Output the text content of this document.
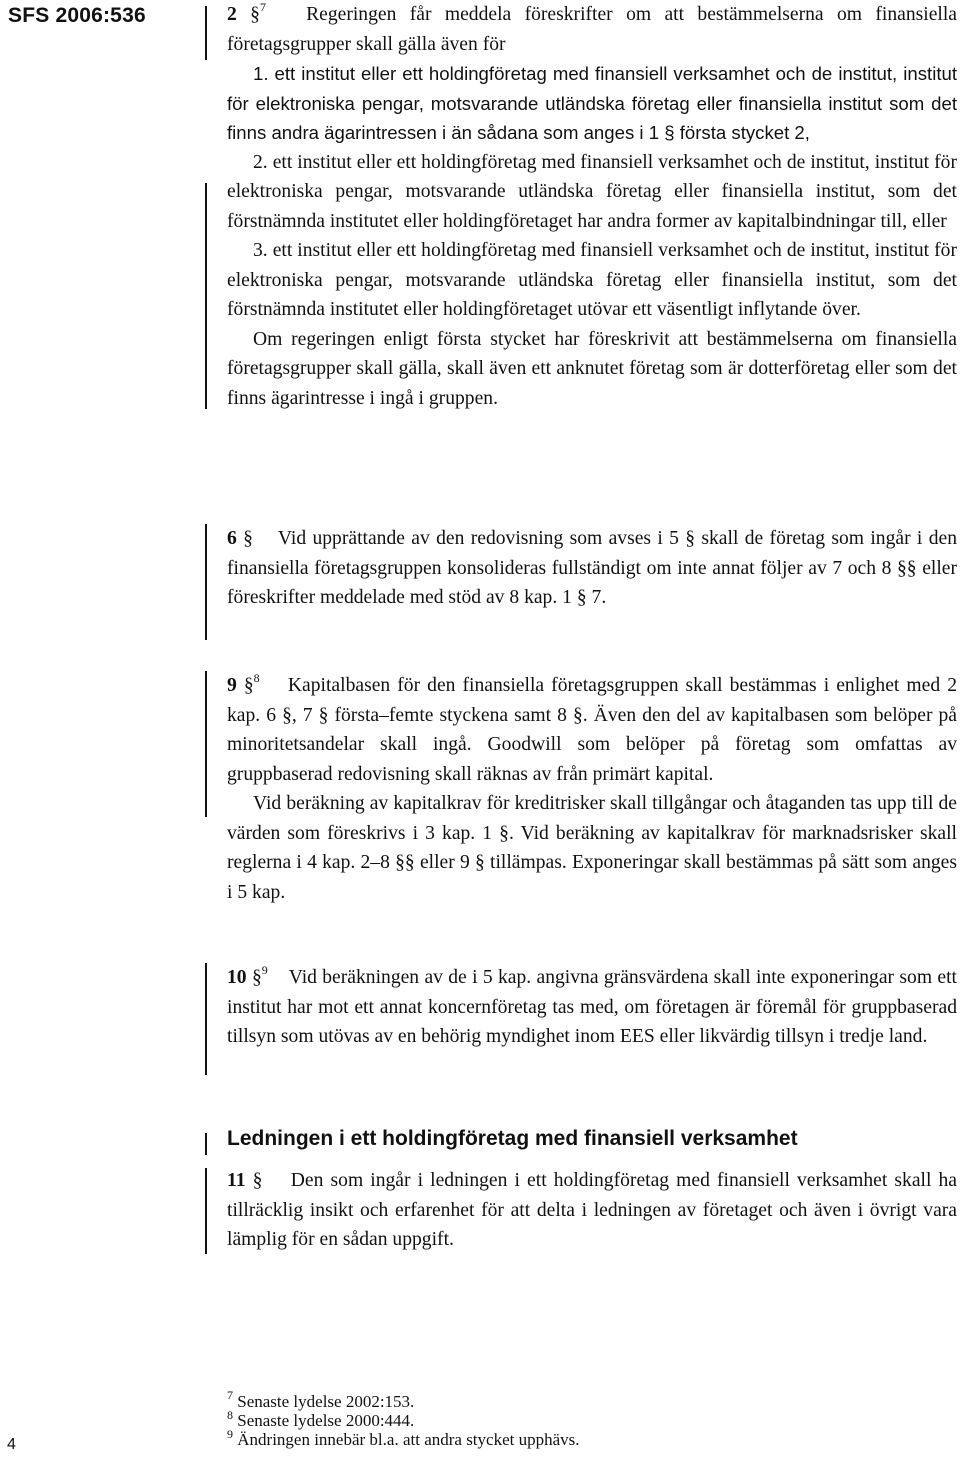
SFS 2006:536	2 §$^7$ Regeringen får meddela föreskrifter om att bestämmelserna om finansiella företagsgrupper skall gälla även för

1. ett institut eller ett holdingföretag med finansiell verksamhet och de institut, institut för elektroniska pengar, motsvarande utländska företag eller finansiella institut som det finns andra ägarintressen i än sådana som anges i 1 § första stycket 2,

2. ett institut eller ett holdingföretag med finansiell verksamhet och de institut, institut för elektroniska pengar, motsvarande utländska företag eller finansiella institut, som det förstnämnda institutet eller holdingföretaget har andra former av kapitalbindningar till, eller

3. ett institut eller ett holdingföretag med finansiell verksamhet och de institut, institut för elektroniska pengar, motsvarande utländska företag eller finansiella institut, som det förstnämnda institutet eller holdingföretaget utövar ett väsentligt inflytande över.

Om regeringen enligt första stycket har föreskrivit att bestämmelserna om finansiella företagsgrupper skall gälla, skall även ett anknutet företag som är dotterföretag eller som det finns ägarintresse i ingå i gruppen.

6 § Vid upprättande av den redovisning som avses i 5 § skall de företag som ingår i den finansiella företagsgruppen konsolideras fullständigt om inte annat följer av 7 och 8 §§ eller föreskrifter meddelade med stöd av 8 kap. 1 § 7.

9 §$^8$ Kapitalbasen för den finansiella företagsgruppen skall bestämmas i enlighet med 2 kap. 6 §, 7 § första–femte styckena samt 8 §. Även den del av kapitalbasen som belöper på minoritetsandelar skall ingå. Goodwill som belöper på företag som omfattas av gruppbaserad redovisning skall räknas av från primärt kapital.

Vid beräkning av kapitalkrav för kreditrisker skall tillgångar och åtaganden tas upp till de värden som föreskrivs i 3 kap. 1 §. Vid beräkning av kapitalkrav för marknadsrisker skall reglerna i 4 kap. 2–8 §§ eller 9 § tillämpas. Exponeringar skall bestämmas på sätt som anges i 5 kap.

10 §$^9$ Vid beräkningen av de i 5 kap. angivna gränsvärdena skall inte exponeringar som ett institut har mot ett annat koncernföretag tas med, om företagen är föremål för gruppbaserad tillsyn som utövas av en behörig myndighet inom EES eller likvärdig tillsyn i tredje land.

Ledningen i ett holdingföretag med finansiell verksamhet

11 § Den som ingår i ledningen i ett holdingföretag med finansiell verksamhet skall ha tillräcklig insikt och erfarenhet för att delta i ledningen av företaget och även i övrigt vara lämplig för en sådan uppgift.

$^7$ Senaste lydelse 2002:153.
$^8$ Senaste lydelse 2000:444.
$^9$ Ändringen innebär bl.a. att andra stycket upphävs.
4
